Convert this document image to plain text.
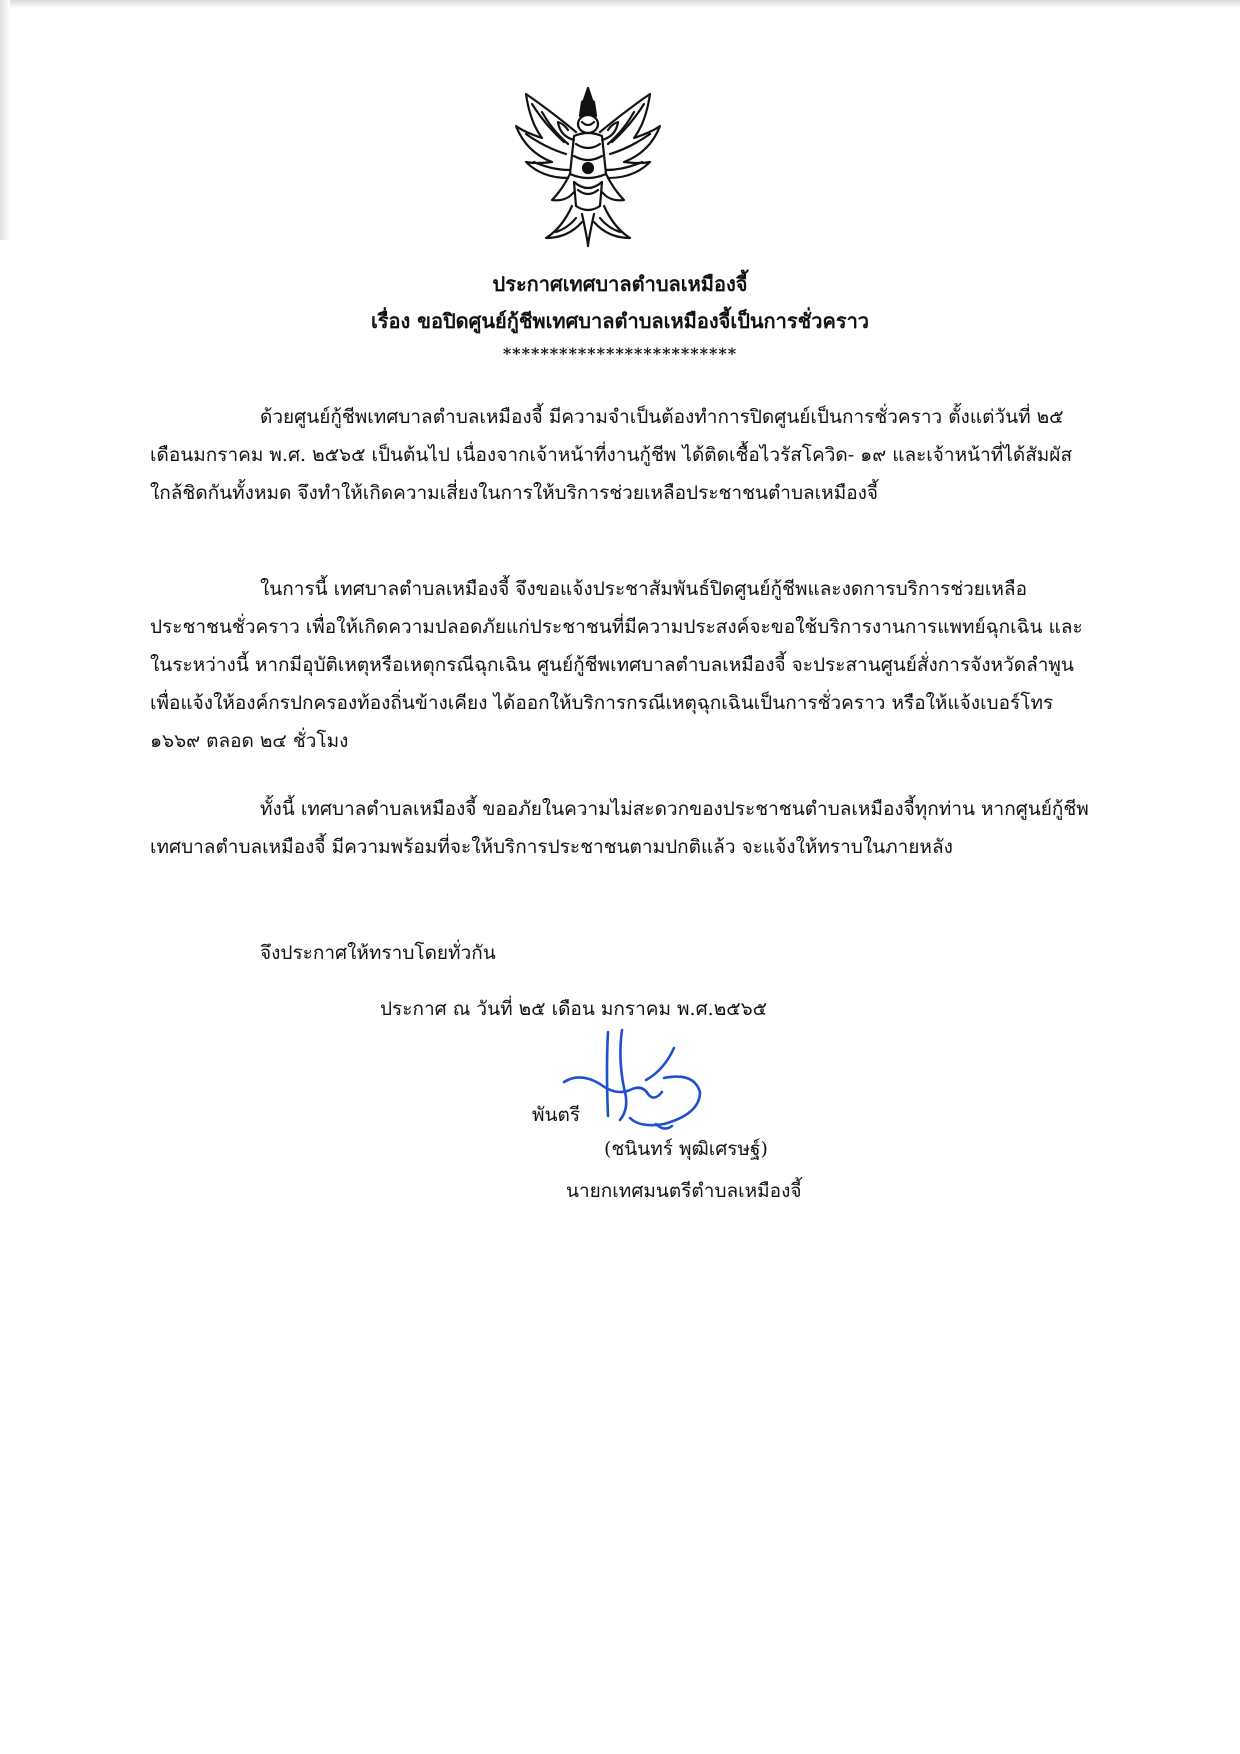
ประกาศเทศบาลตำบลเหมืองจี้
เรื่อง ขอปิดศูนย์กู้ชีพเทศบาลตำบลเหมืองจี้เป็นการชั่วคราว
*************************

ด้วยศูนย์กู้ชีพเทศบาลตำบลเหมืองจี้ มีความจำเป็นต้องทำการปิดศูนย์เป็นการชั่วคราว ตั้งแต่วันที่ ๒๕ เดือนมกราคม พ.ศ. ๒๕๖๕ เป็นต้นไป เนื่องจากเจ้าหน้าที่งานกู้ชีพ ได้ติดเชื้อไวรัสโควิด- ๑๙ และเจ้าหน้าที่ได้สัมผัสใกล้ชิดกันทั้งหมด จึงทำให้เกิดความเสี่ยงในการให้บริการช่วยเหลือประชาชนตำบลเหมืองจี้

ในการนี้ เทศบาลตำบลเหมืองจี้ จึงขอแจ้งประชาสัมพันธ์ปิดศูนย์กู้ชีพและงดการบริการช่วยเหลือประชาชนชั่วคราว เพื่อให้เกิดความปลอดภัยแก่ประชาชนที่มีความประสงค์จะขอใช้บริการงานการแพทย์ฉุกเฉิน และ ในระหว่างนี้ หากมีอุบัติเหตุหรือเหตุกรณีฉุกเฉิน ศูนย์กู้ชีพเทศบาลตำบลเหมืองจี้ จะประสานศูนย์สั่งการจังหวัดลำพูน เพื่อแจ้งให้องค์กรปกครองท้องถิ่นข้างเคียง ได้ออกให้บริการกรณีเหตุฉุกเฉินเป็นการชั่วคราว หรือให้แจ้งเบอร์โทร ๑๖๖๙ ตลอด ๒๔ ชั่วโมง

ทั้งนี้ เทศบาลตำบลเหมืองจี้ ขออภัยในความไม่สะดวกของประชาชนตำบลเหมืองจี้ทุกท่าน หากศูนย์กู้ชีพเทศบาลตำบลเหมืองจี้ มีความพร้อมที่จะให้บริการประชาชนตามปกติแล้ว จะแจ้งให้ทราบในภายหลัง

จึงประกาศให้ทราบโดยทั่วกัน
ประกาศ ณ วันที่ ๒๕ เดือน มกราคม พ.ศ.๒๕๖๕
พันตรี
(ชนินทร์ พุฒิเศรษฐ์)
นายกเทศมนตรีตำบลเหมืองจี้
